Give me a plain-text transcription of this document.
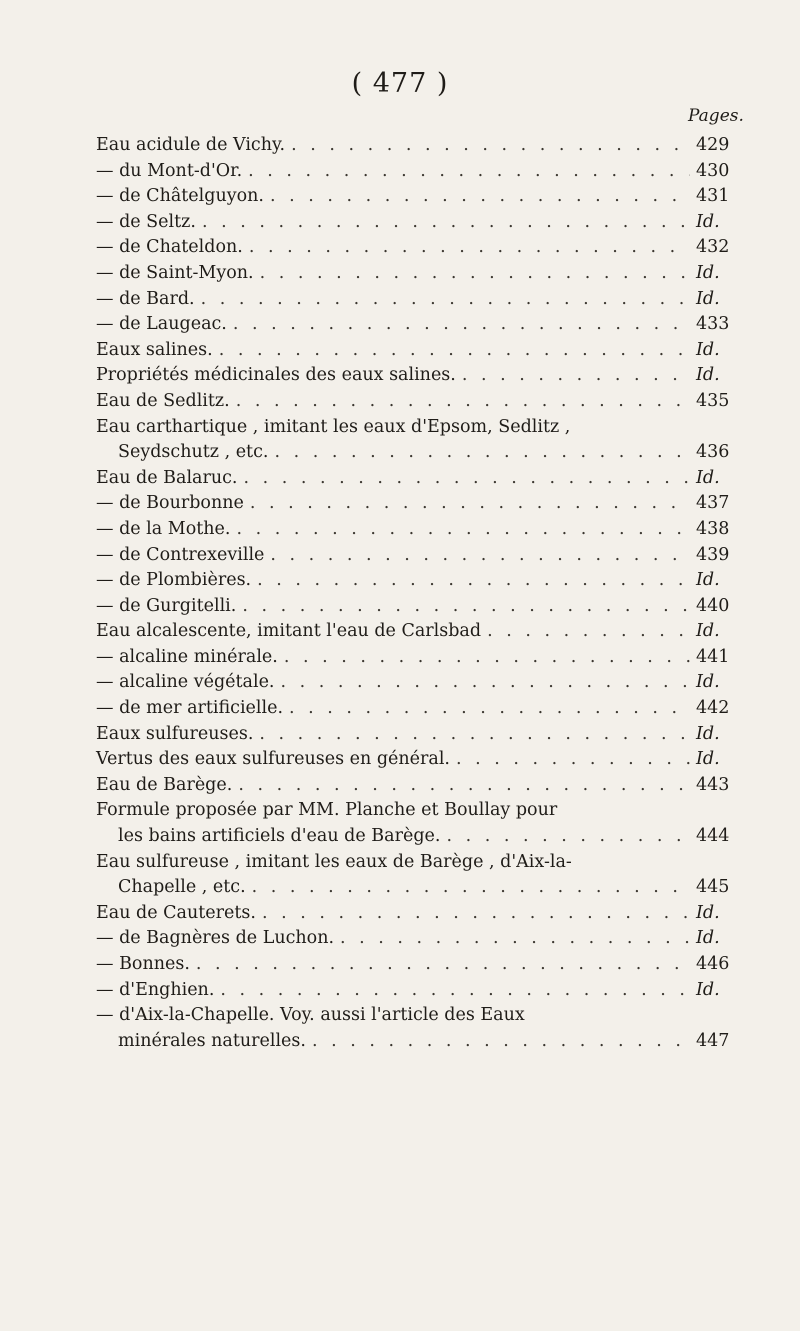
( 477 )
Pages.
Eau acidule de Vichy. . . .	429
— du Mont-d'Or. . . .	430
— de Châtelguyon. . . .	431
— de Seltz. . . .	Id.
— de Chateldon. . . .	432
— de Saint-Myon. . . .	Id.
— de Bard. . . .	Id.
— de Laugeac. . . .	433
Eaux salines. . . .	Id.
Propriétés médicinales des eaux salines. . . .	Id.
Eau de Sedlitz. . . .	435
Eau carthartique , imitant les eaux d'Epsom, Sedlitz ,
Seydschutz , etc. . . .	436
Eau de Balaruc. . . .	Id.
— de Bourbonne . . .	437
— de la Mothe. . . .	438
— de Contrexeville . . .	439
— de Plombières. . . .	Id.
— de Gurgitelli. . . .	440
Eau alcalescente, imitant l'eau de Carlsbad . . .	Id.
— alcaline minérale. . . .	441
— alcaline végétale. . . .	Id.
— de mer artificielle. . . .	442
Eaux sulfureuses. . . .	Id.
Vertus des eaux sulfureuses en général. . . .	Id.
Eau de Barège. . . .	443
Formule proposée par MM. Planche et Boullay pour
les bains artificiels d'eau de Barège. . . .	444
Eau sulfureuse , imitant les eaux de Barège , d'Aix-la-
Chapelle , etc. . . .	445
Eau de Cauterets. . . .	Id.
— de Bagnères de Luchon. . . .	Id.
— Bonnes. . . .	446
— d'Enghien. . . .	Id.
— d'Aix-la-Chapelle. Voy. aussi l'article des Eaux
minérales naturelles. . . .	447
